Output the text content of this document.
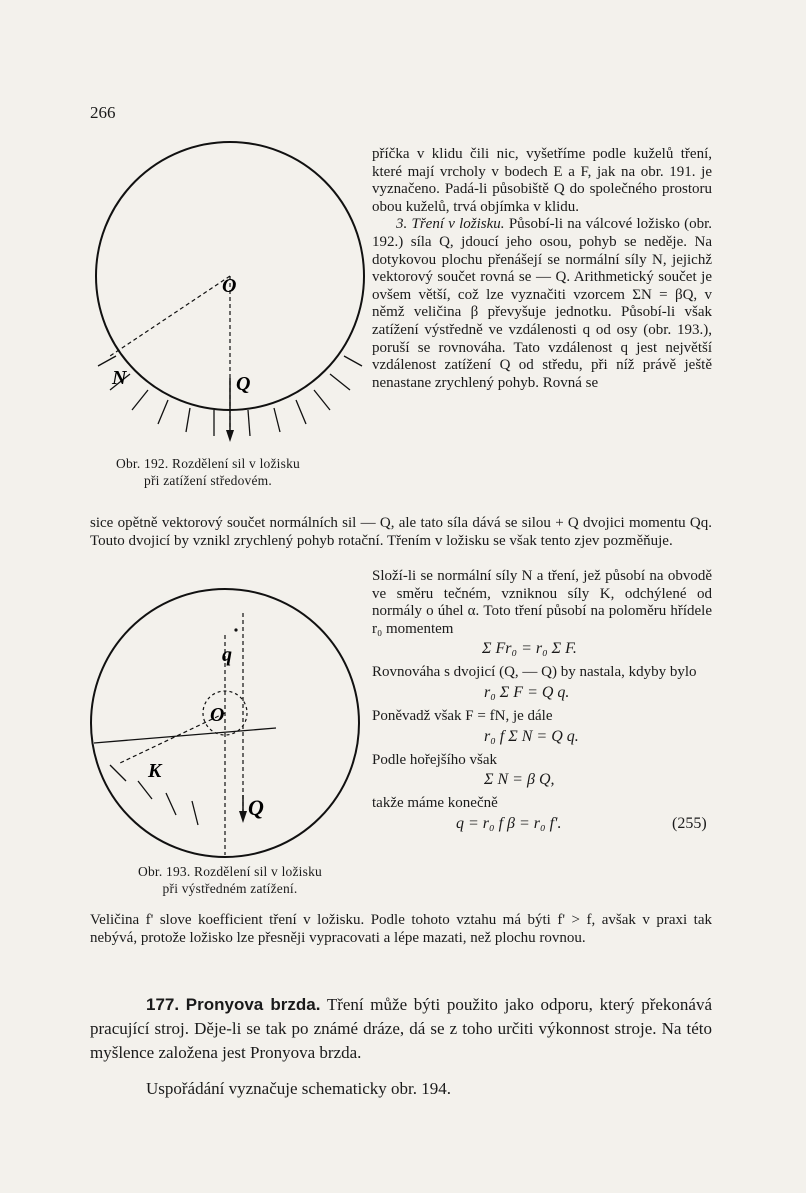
266
O
N	Q
Obr. 192. Rozdělení sil v ložisku
při zatížení středovém.
q
O
K
Q
Obr. 193. Rozdělení sil v ložisku
při výstředném zatížení.

příčka v klidu čili nic, vyšetříme podle kuželů tření, které mají vrcholy v bodech E a F, jak na obr. 191. je vyznačeno. Padá-li působiště Q do společného prostoru obou kuželů, trvá objímka v klidu.

3. Tření v ložisku. Působí-li na válcové ložisko (obr. 192.) síla Q, jdoucí jeho osou, pohyb se neděje. Na dotykovou plochu přenášejí se normální síly N, jejichž vektorový součet rovná se — Q. Arithmetický součet je ovšem větší, což lze vyznačiti vzorcem ΣN = βQ, v němž veličina β převyšuje jednotku. Působí-li však zatížení výstředně ve vzdálenosti q od osy (obr. 193.), poruší se rovnováha. Tato vzdálenost q jest největší vzdálenost zatížení Q od středu, při níž právě ještě nenastane zrychlený pohyb. Rovná se

sice opětně vektorový součet normálních sil — Q, ale tato síla dává se silou + Q dvojici momentu Qq. Touto dvojicí by vznikl zrychlený pohyb rotační. Třením v ložisku se však tento zjev pozměňuje.

Složí-li se normální síly N a tření, jež působí na obvodě ve směru tečném, vzniknou síly K, odchýlené od normály o úhel α. Toto tření působí na poloměru hřídele r₀ momentem

Σ Fr₀ = r₀ Σ F.

Rovnováha s dvojicí (Q, — Q) by nastala, kdyby bylo

r₀ Σ F = Q q.

Poněvadž však F = fN, je dále

r₀ f Σ N = Q q.

Podle hořejšího však

Σ N = β Q,

takže máme konečně

q = r₀ f β = r₀ f'.	(255)

Veličina f' slove koefficient tření v ložisku. Podle tohoto vztahu má býti f' > f, avšak v praxi tak nebývá, protože ložisko lze přesněji vypracovati a lépe mazati, než plochu rovnou.

177. Pronyova brzda. Tření může býti použito jako odporu, který překonává pracující stroj. Děje-li se tak po známé dráze, dá se z toho určiti výkonnost stroje. Na této myšlence založena jest Pronyova brzda.

Uspořádání vyznačuje schematicky obr. 194.
